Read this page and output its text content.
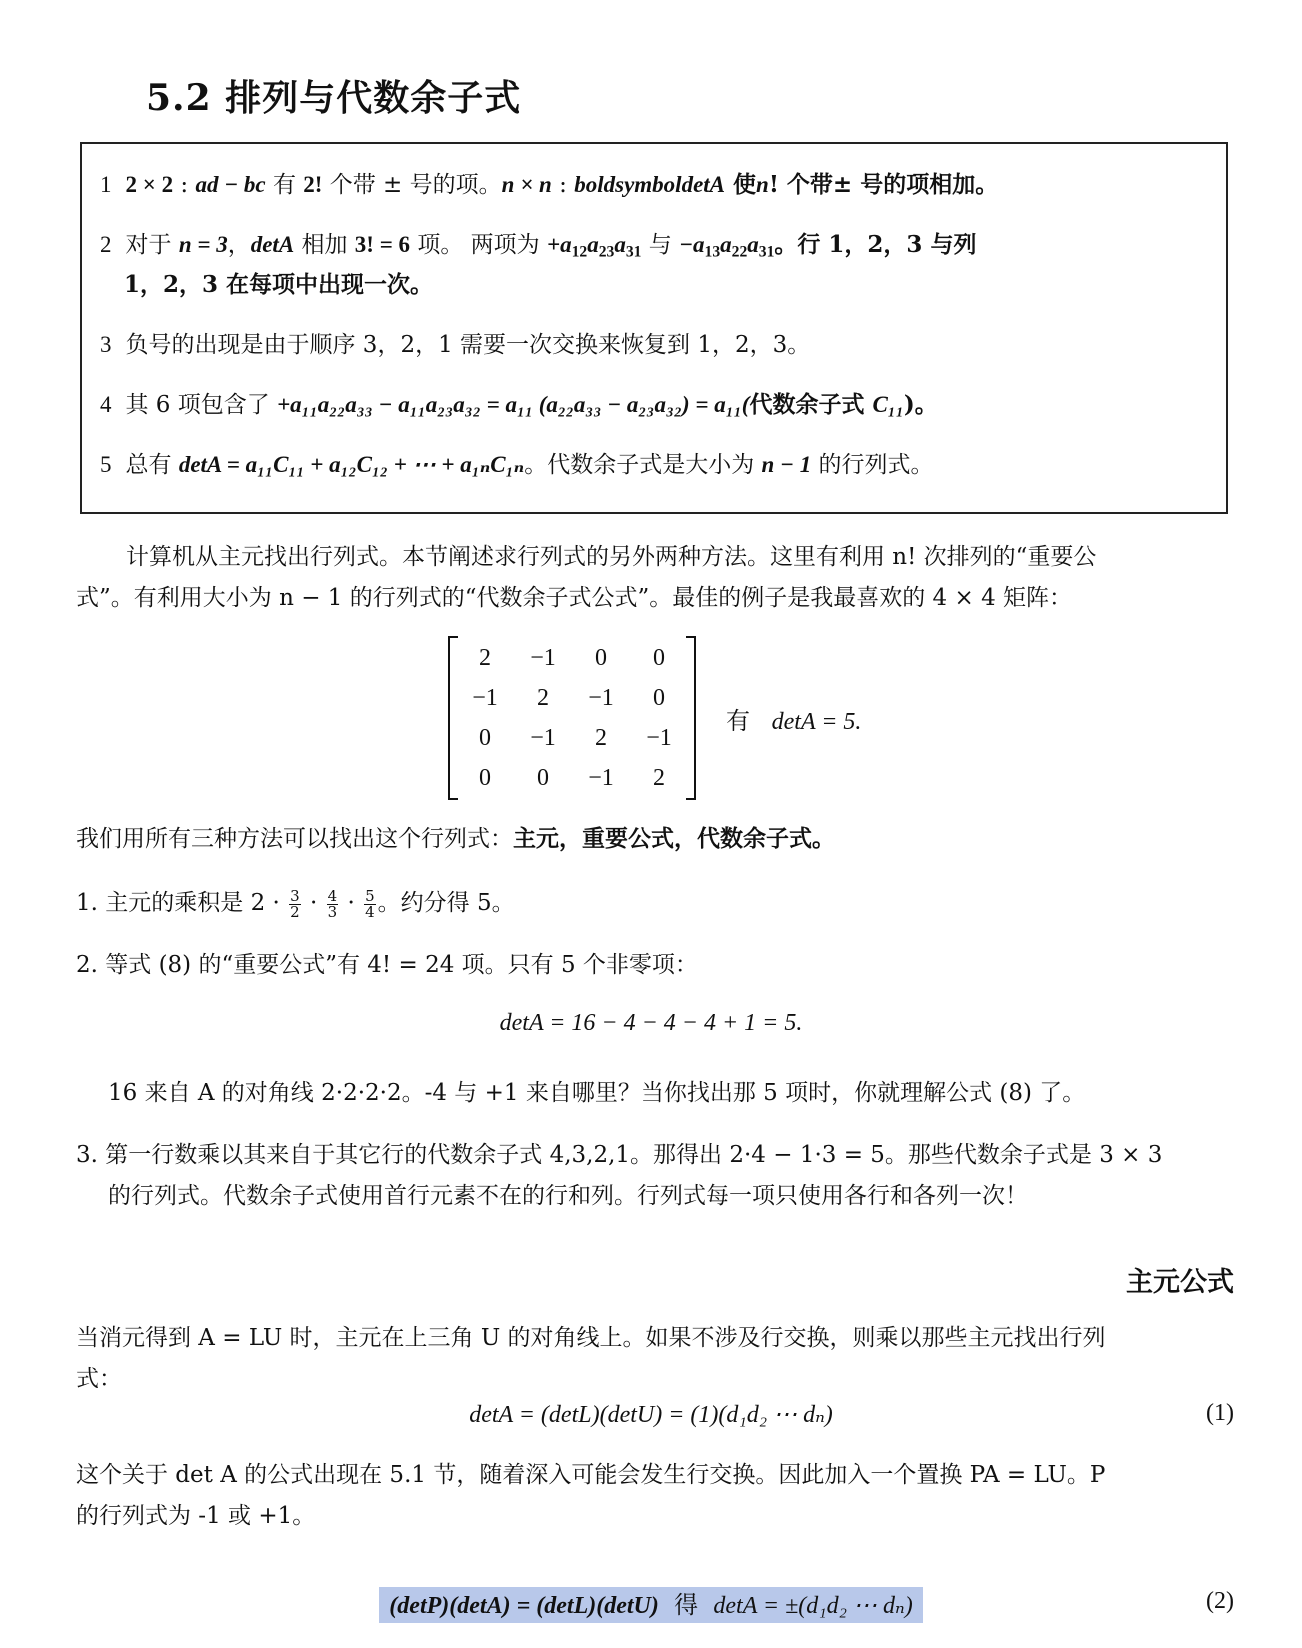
5.2 排列与代数余子式
1 2 × 2 : ad − bc 有 2! 个带 ± 号的项。n × n : boldsymboldetA 使n! 个带± 号的项相加。
2 对于 n = 3，detA 相加 3! = 6 项。 两项为 $+a_{12}a_{23}a_{31}$ 与 $-a_{13}a_{22}a_{31}$。行 1，2，3 与列
1，2，3 在每项中出现一次。
3 负号的出现是由于顺序 3，2，1 需要一次交换来恢复到 1，2，3。
4 其 6 项包含了 +a₁₁a₂₂a₃₃ − a₁₁a₂₃a₃₂ = a₁₁ (a₂₂a₃₃ − a₂₃a₃₂) = a₁₁(代数余子式 C₁₁)。
5 总有 detA = a₁₁C₁₁ + a₁₂C₁₂ + ⋯ + a₁ₙC₁ₙ。代数余子式是大小为 n − 1 的行列式。
计算机从主元找出行列式。本节阐述求行列式的另外两种方法。这里有利用 n! 次排列的“重要公
式”。有利用大小为 n − 1 的行列式的“代数余子式公式”。最佳的例子是我最喜欢的 4 × 4 矩阵：
2	−1	0	0
−1	2	−1	0
0	−1	2	−1
0	0	−1	2
有 detA = 5.
我们用所有三种方法可以找出这个行列式：主元，重要公式，代数余子式。
1. 主元的乘积是 $2 \cdot \frac{3}{2} \cdot \frac{4}{3} \cdot \frac{5}{4}$ 。约分得 5。
2. 等式 (8) 的“重要公式”有 4! = 24 项。只有 5 个非零项：
detA = 16 − 4 − 4 − 4 + 1 = 5.
16 来自 A 的对角线 2·2·2·2。-4 与 +1 来自哪里？当你找出那 5 项时，你就理解公式 (8) 了。
3. 第一行数乘以其来自于其它行的代数余子式 4,3,2,1。那得出 2·4 − 1·3 = 5。那些代数余子式是 3 × 3
的行列式。代数余子式使用首行元素不在的行和列。行列式每一项只使用各行和各列一次！
主元公式
当消元得到 A = LU 时，主元在上三角 U 的对角线上。如果不涉及行交换，则乘以那些主元找出行列
式：
detA = (detL)(detU) = (1)(d₁d₂ ⋯ dₙ)	(1)
这个关于 det A 的公式出现在 5.1 节，随着深入可能会发生行交换。因此加入一个置换 PA = LU。P
的行列式为 -1 或 +1。
(detP)(detA) = (detL)(detU)  得  detA = ±(d₁d₂ ⋯ dₙ)	(2)
